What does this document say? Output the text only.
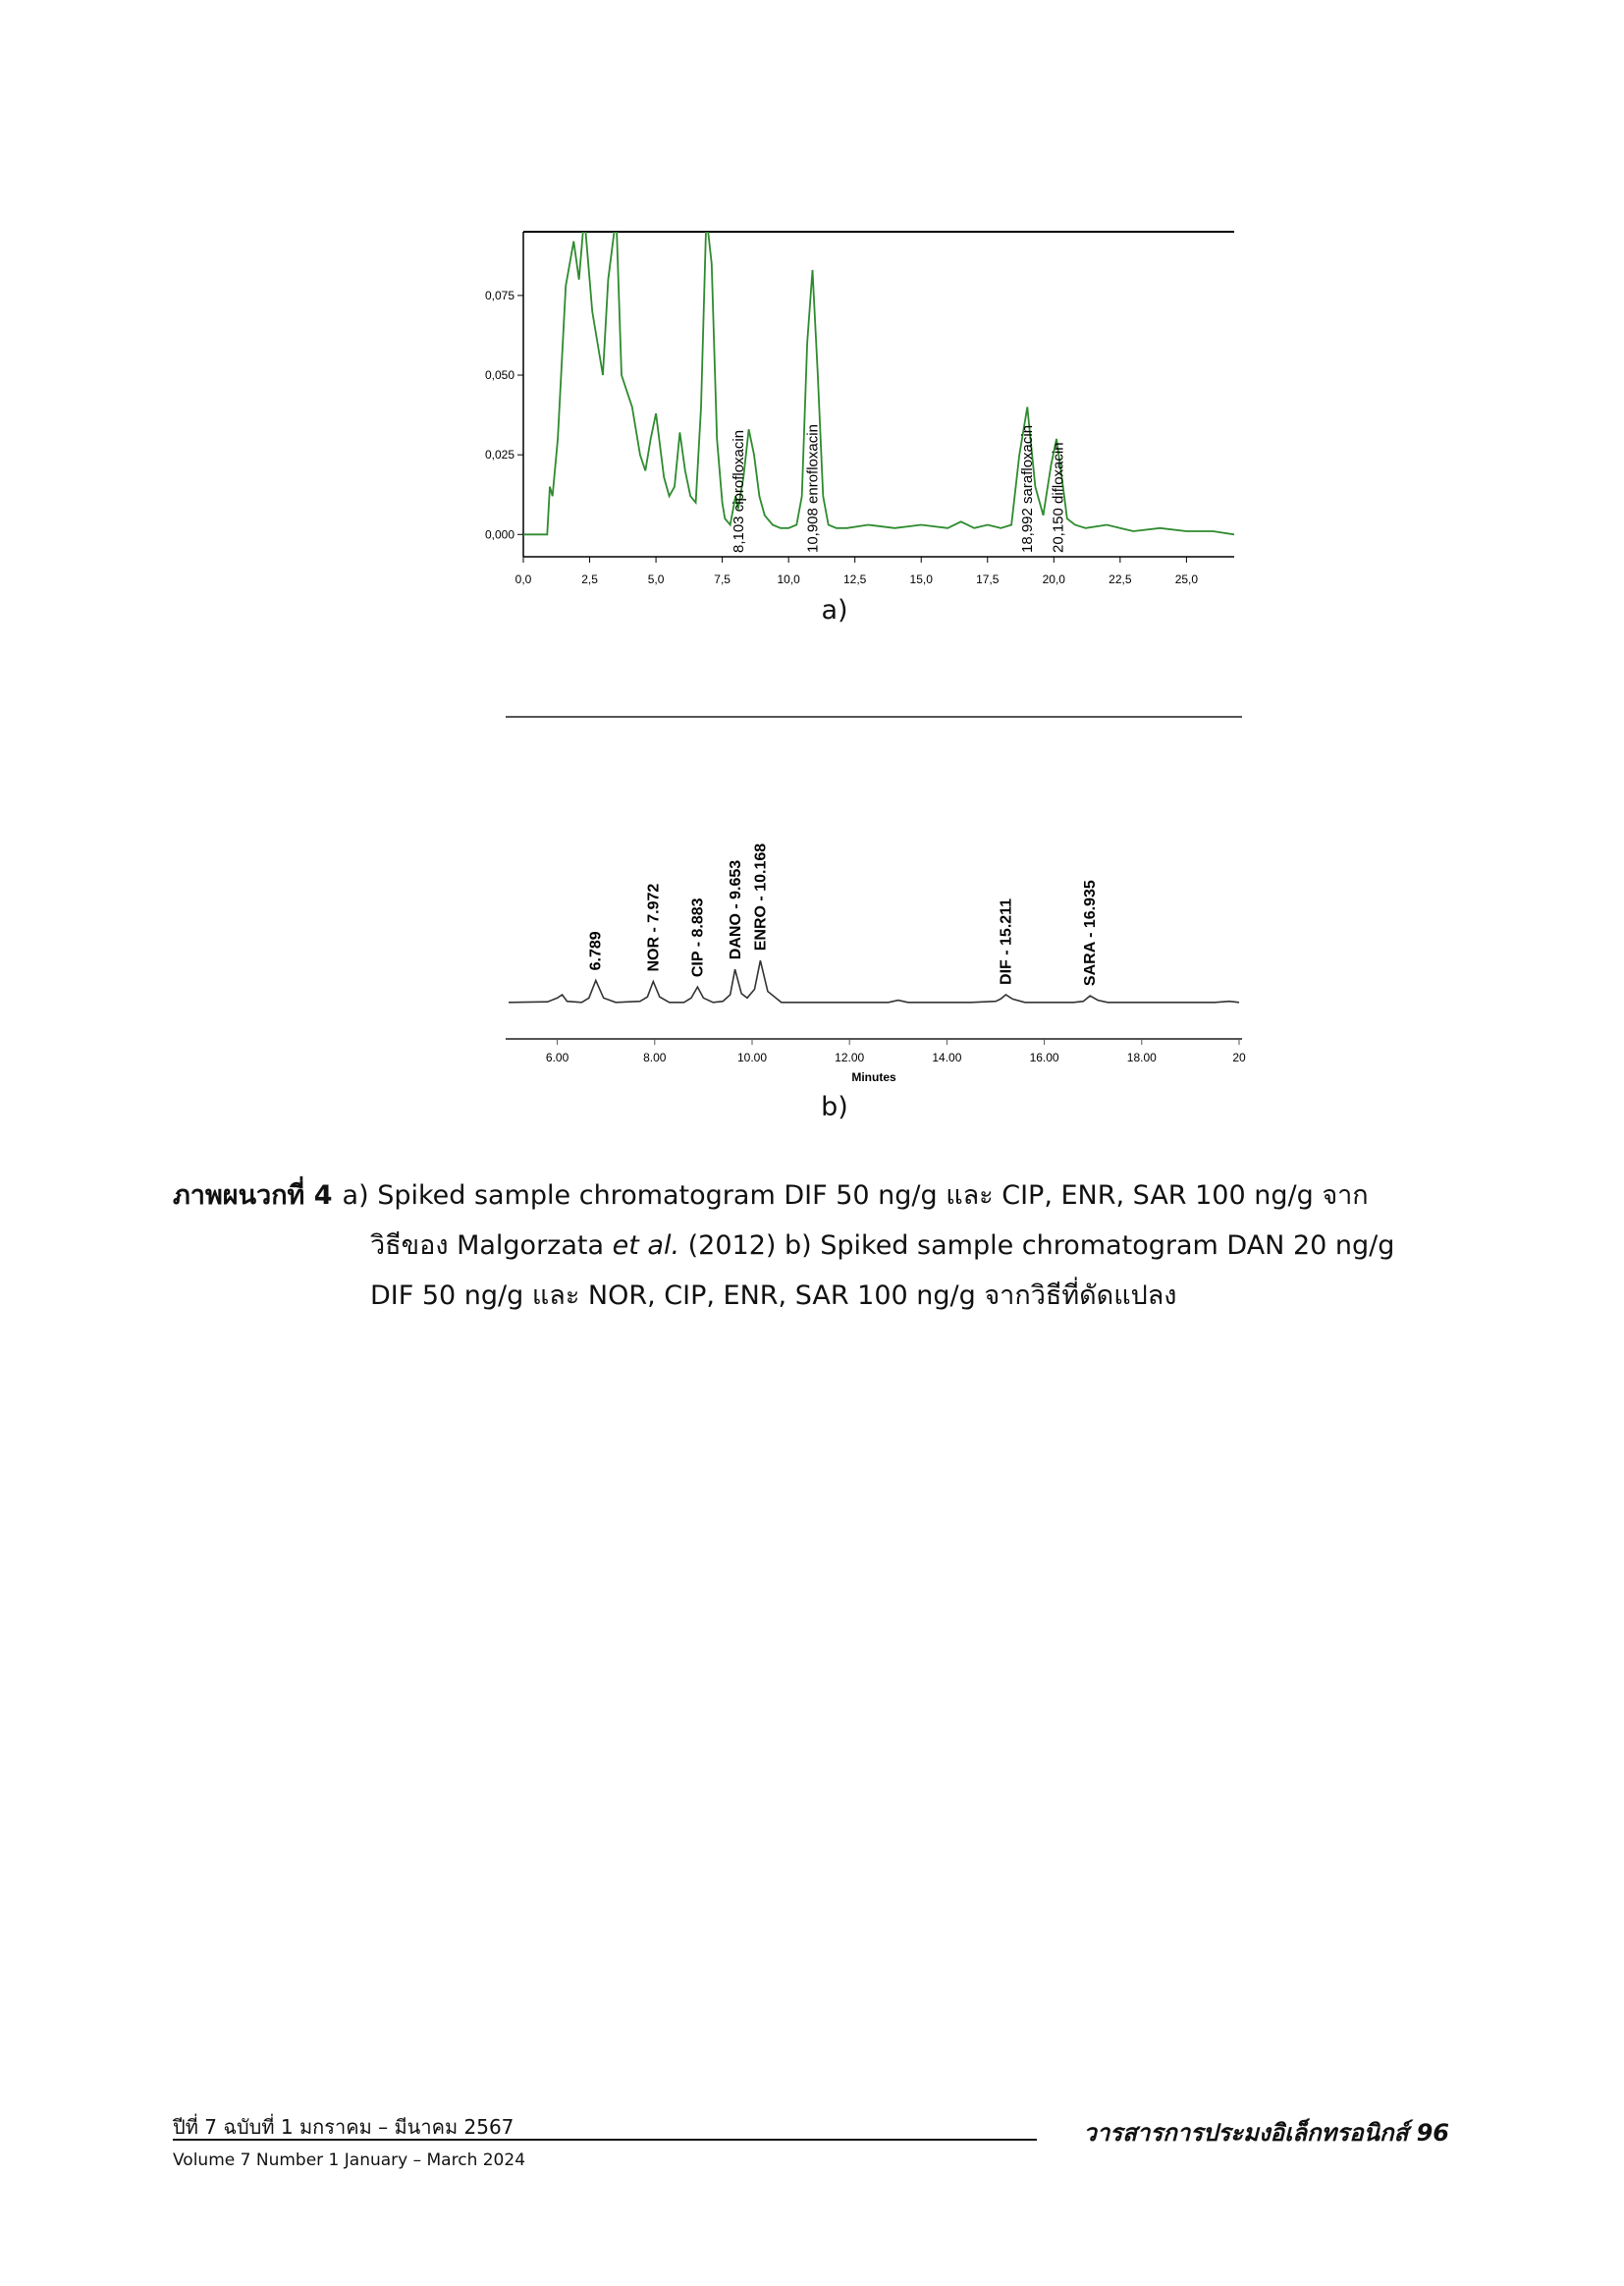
0,0	2,5	5,0	7,5	10,0	12,5	15,0	17,5	20,0	22,5	25,0
0,000
0,025
0,050
0,075
8,103 ciprofloxacin	10,908 enrofloxacin	18,992 sarafloxacin 20,150 difloxacin
a)
6.00	8.00	10.00	12.00	14.00	16.00	18.00	20
Minutes
6.789	NOR - 7.972 CIP - 8.883 DANO - 9.653 ENRO - 10.168	DIF - 15.211	SARA - 16.935
b)
ภาพผนวกที่ 4 a) Spiked sample chromatogram DIF 50 ng/g และ CIP, ENR, SAR 100 ng/g จาก
วิธีของ Malgorzata et al. (2012) b) Spiked sample chromatogram DAN 20 ng/g
DIF 50 ng/g และ NOR, CIP, ENR, SAR 100 ng/g จากวิธีที่ดัดแปลง
ปีที่ 7 ฉบับที่ 1 มกราคม – มีนาคม 2567
Volume 7 Number 1 January – March 2024
วารสารการประมงอิเล็กทรอนิกส์ 96
